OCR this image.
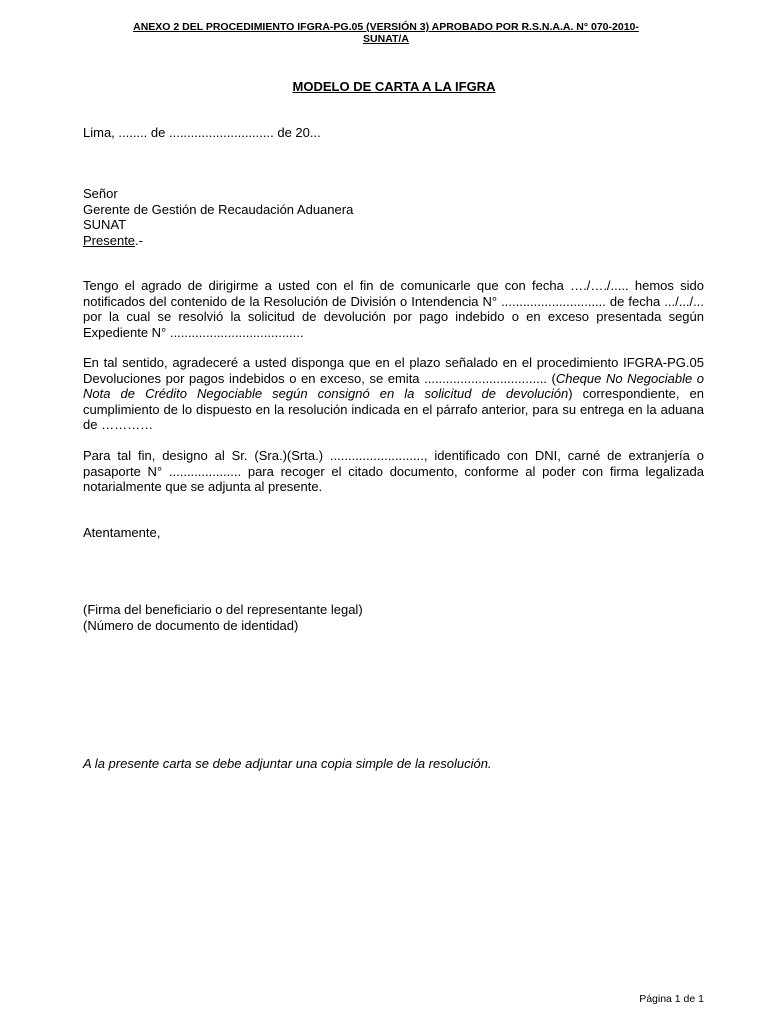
ANEXO 2 DEL PROCEDIMIENTO IFGRA-PG.05 (VERSIÓN 3) APROBADO POR R.S.N.A.A. N° 070-2010-
SUNAT/A
MODELO DE CARTA A LA IFGRA
Lima, ........ de ............................. de 20...
Señor
Gerente de Gestión de Recaudación Aduanera
SUNAT
Presente.-
Tengo el agrado de dirigirme a usted con el fin de comunicarle que con fecha …./…./..... hemos sido notificados del contenido de la Resolución de División o Intendencia N° ............................. de fecha .../.../... por la cual se resolvió la solicitud de devolución por pago indebido o en exceso presentada según Expediente N° .....................................
En tal sentido, agradeceré a usted disponga que en el plazo señalado en el procedimiento IFGRA-PG.05 Devoluciones por pagos indebidos o en exceso, se emita .................................. (Cheque No Negociable o Nota de Crédito Negociable según consignó en la solicitud de devolución) correspondiente, en cumplimiento de lo dispuesto en la resolución indicada en el párrafo anterior, para su entrega en la aduana de …………
Para tal fin, designo al Sr. (Sra.)(Srta.) .........................., identificado con DNI, carné de extranjería o pasaporte N° .................... para recoger el citado documento, conforme al poder con firma legalizada notarialmente que se adjunta al presente.
Atentamente,
(Firma del beneficiario o del representante legal)
(Número de documento de identidad)
A la presente carta se debe adjuntar una copia simple de la resolución.
Página 1 de 1
